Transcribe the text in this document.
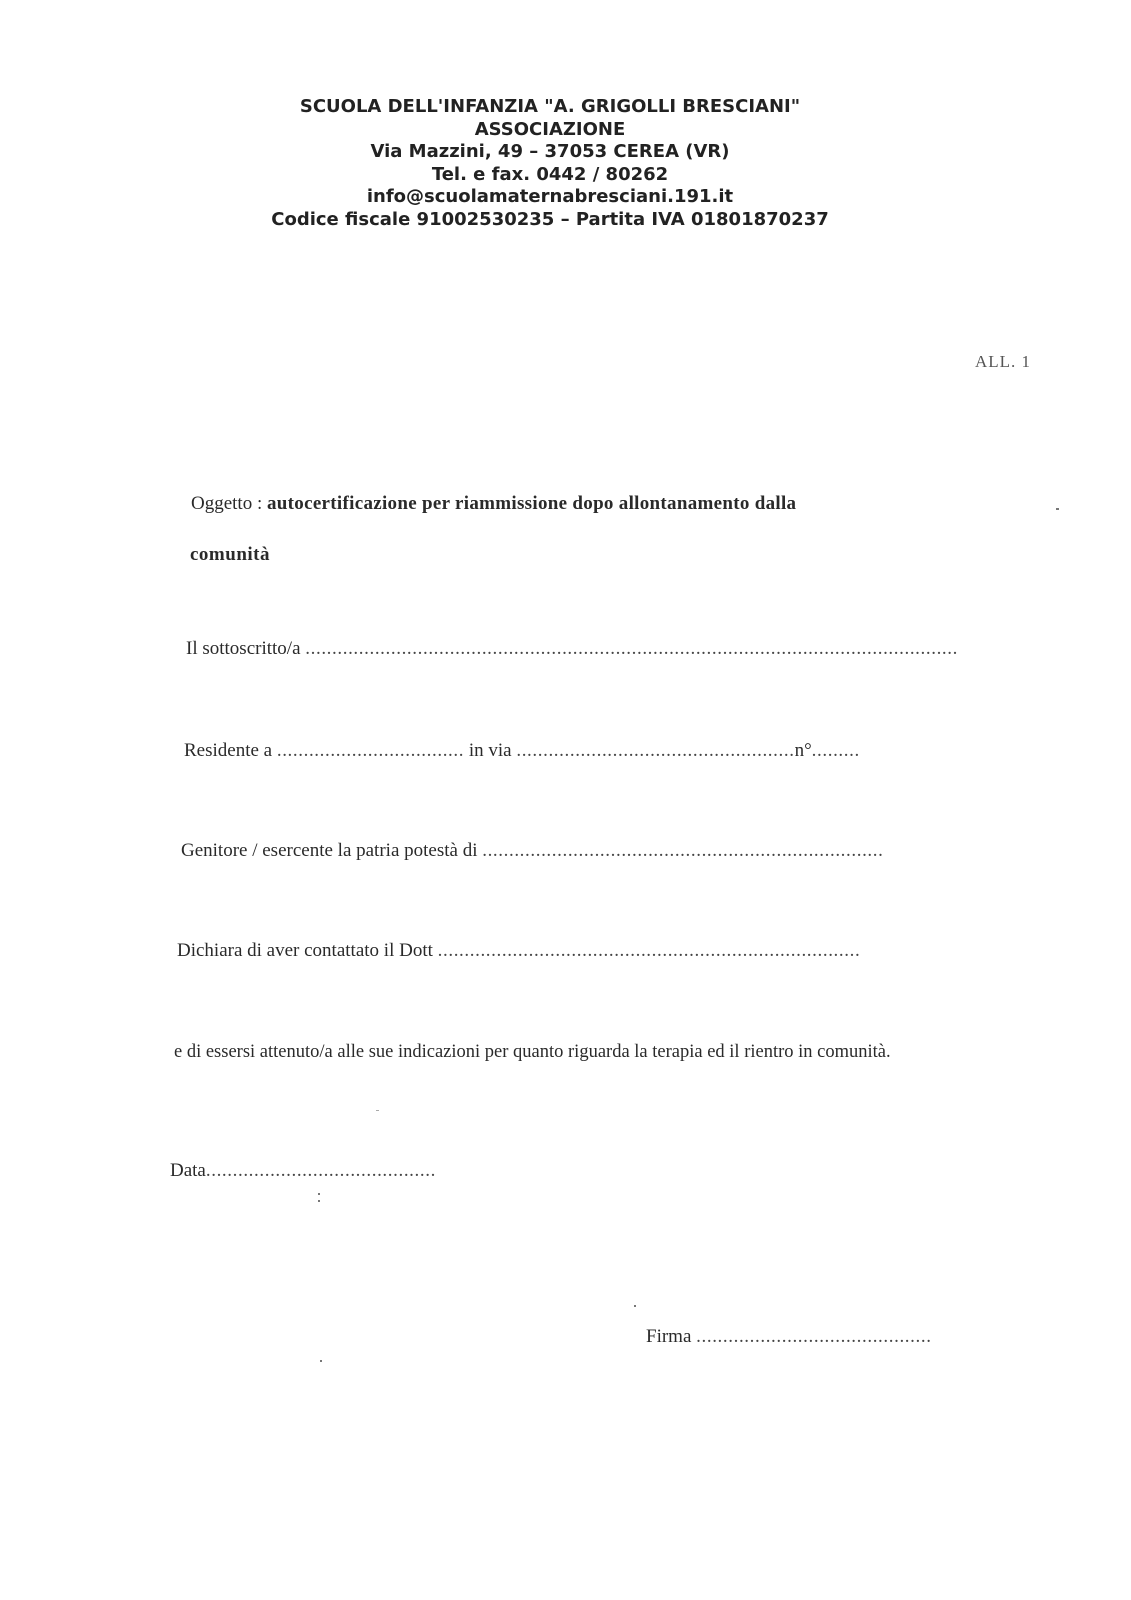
SCUOLA DELL'INFANZIA "A. GRIGOLLI BRESCIANI"
ASSOCIAZIONE
Via Mazzini, 49 – 37053 CEREA (VR)
Tel. e fax. 0442 / 80262
info@scuolamaternabresciani.191.it
Codice fiscale 91002530235 – Partita IVA 01801870237
ALL. 1
Oggetto : autocertificazione per riammissione dopo allontanamento dalla
comunità
Il sottoscritto/a ..........................................................................................................................
Residente a ................................... in via ....................................................n°.........
Genitore / esercente la patria potestà di ...........................................................................
Dichiara di aver contattato il Dott ...............................................................................
e di essersi attenuto/a alle sue indicazioni per quanto riguarda la terapia ed il rientro in comunità.
Data...........................................
Firma ............................................
